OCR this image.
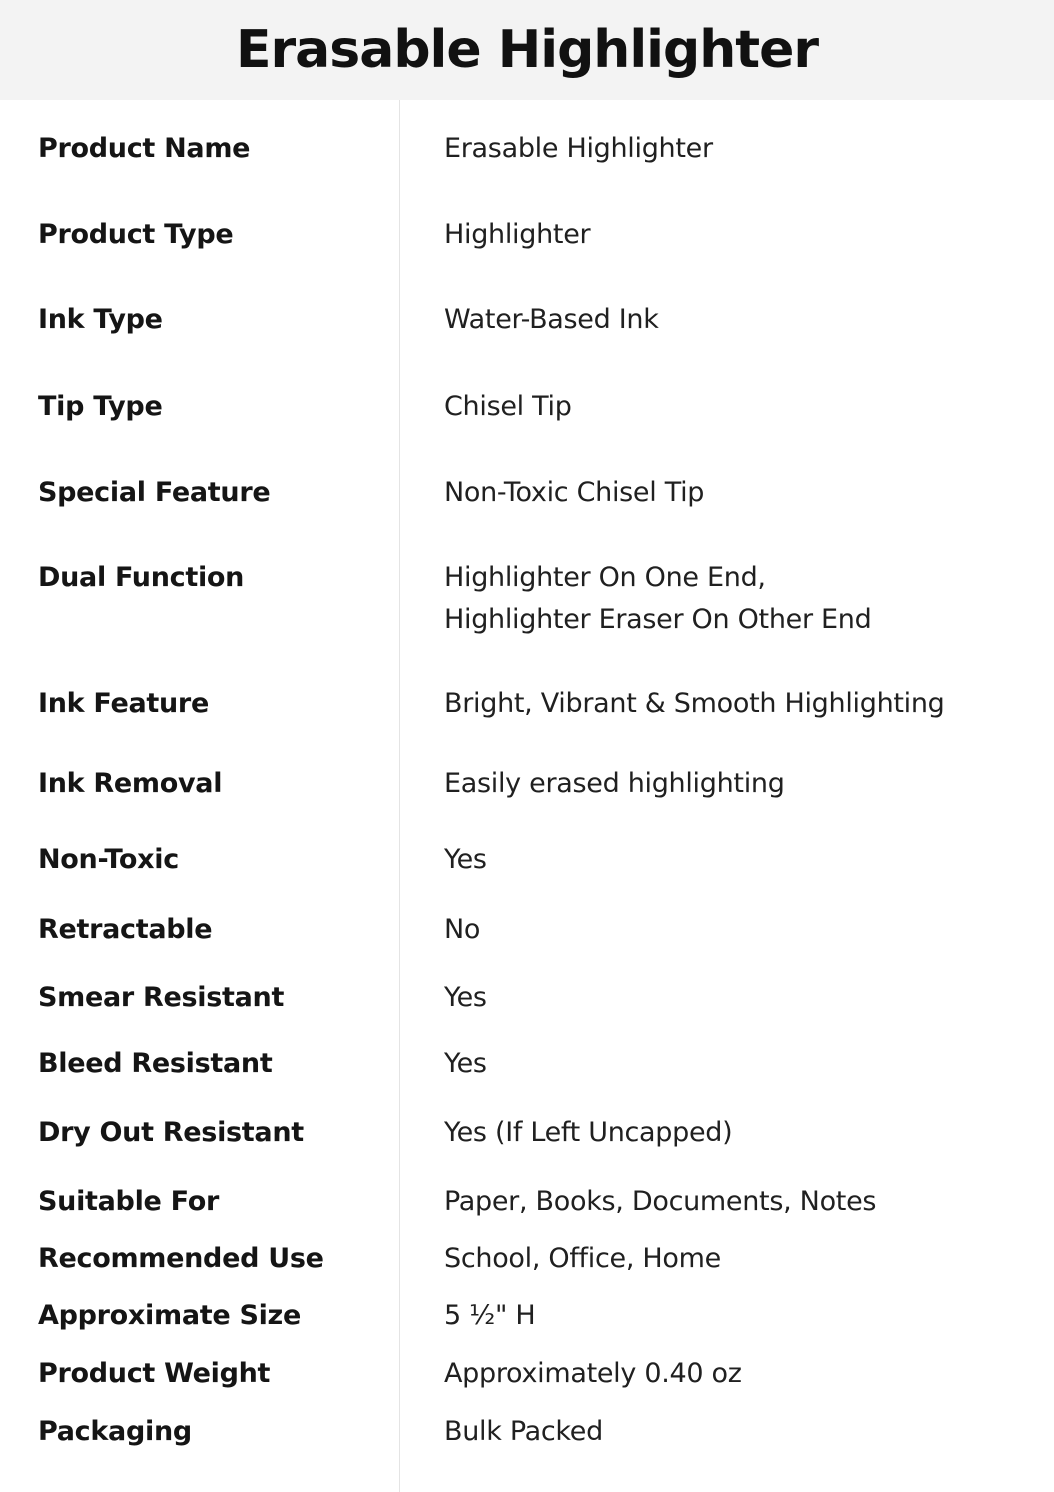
Erasable Highlighter
Product Name	Erasable Highlighter
Product Type	Highlighter
Ink Type	Water-Based Ink
Tip Type	Chisel Tip
Special Feature	Non-Toxic Chisel Tip
Dual Function	Highlighter On One End,
Highlighter Eraser On Other End
Ink Feature	Bright, Vibrant & Smooth Highlighting
Ink Removal	Easily erased highlighting
Non-Toxic	Yes
Retractable	No
Smear Resistant	Yes
Bleed Resistant	Yes
Dry Out Resistant	Yes (If Left Uncapped)
Suitable For	Paper, Books, Documents, Notes
Recommended Use	School, Office, Home
Approximate Size	5 ½" H
Product Weight	Approximately 0.40 oz
Packaging	Bulk Packed
